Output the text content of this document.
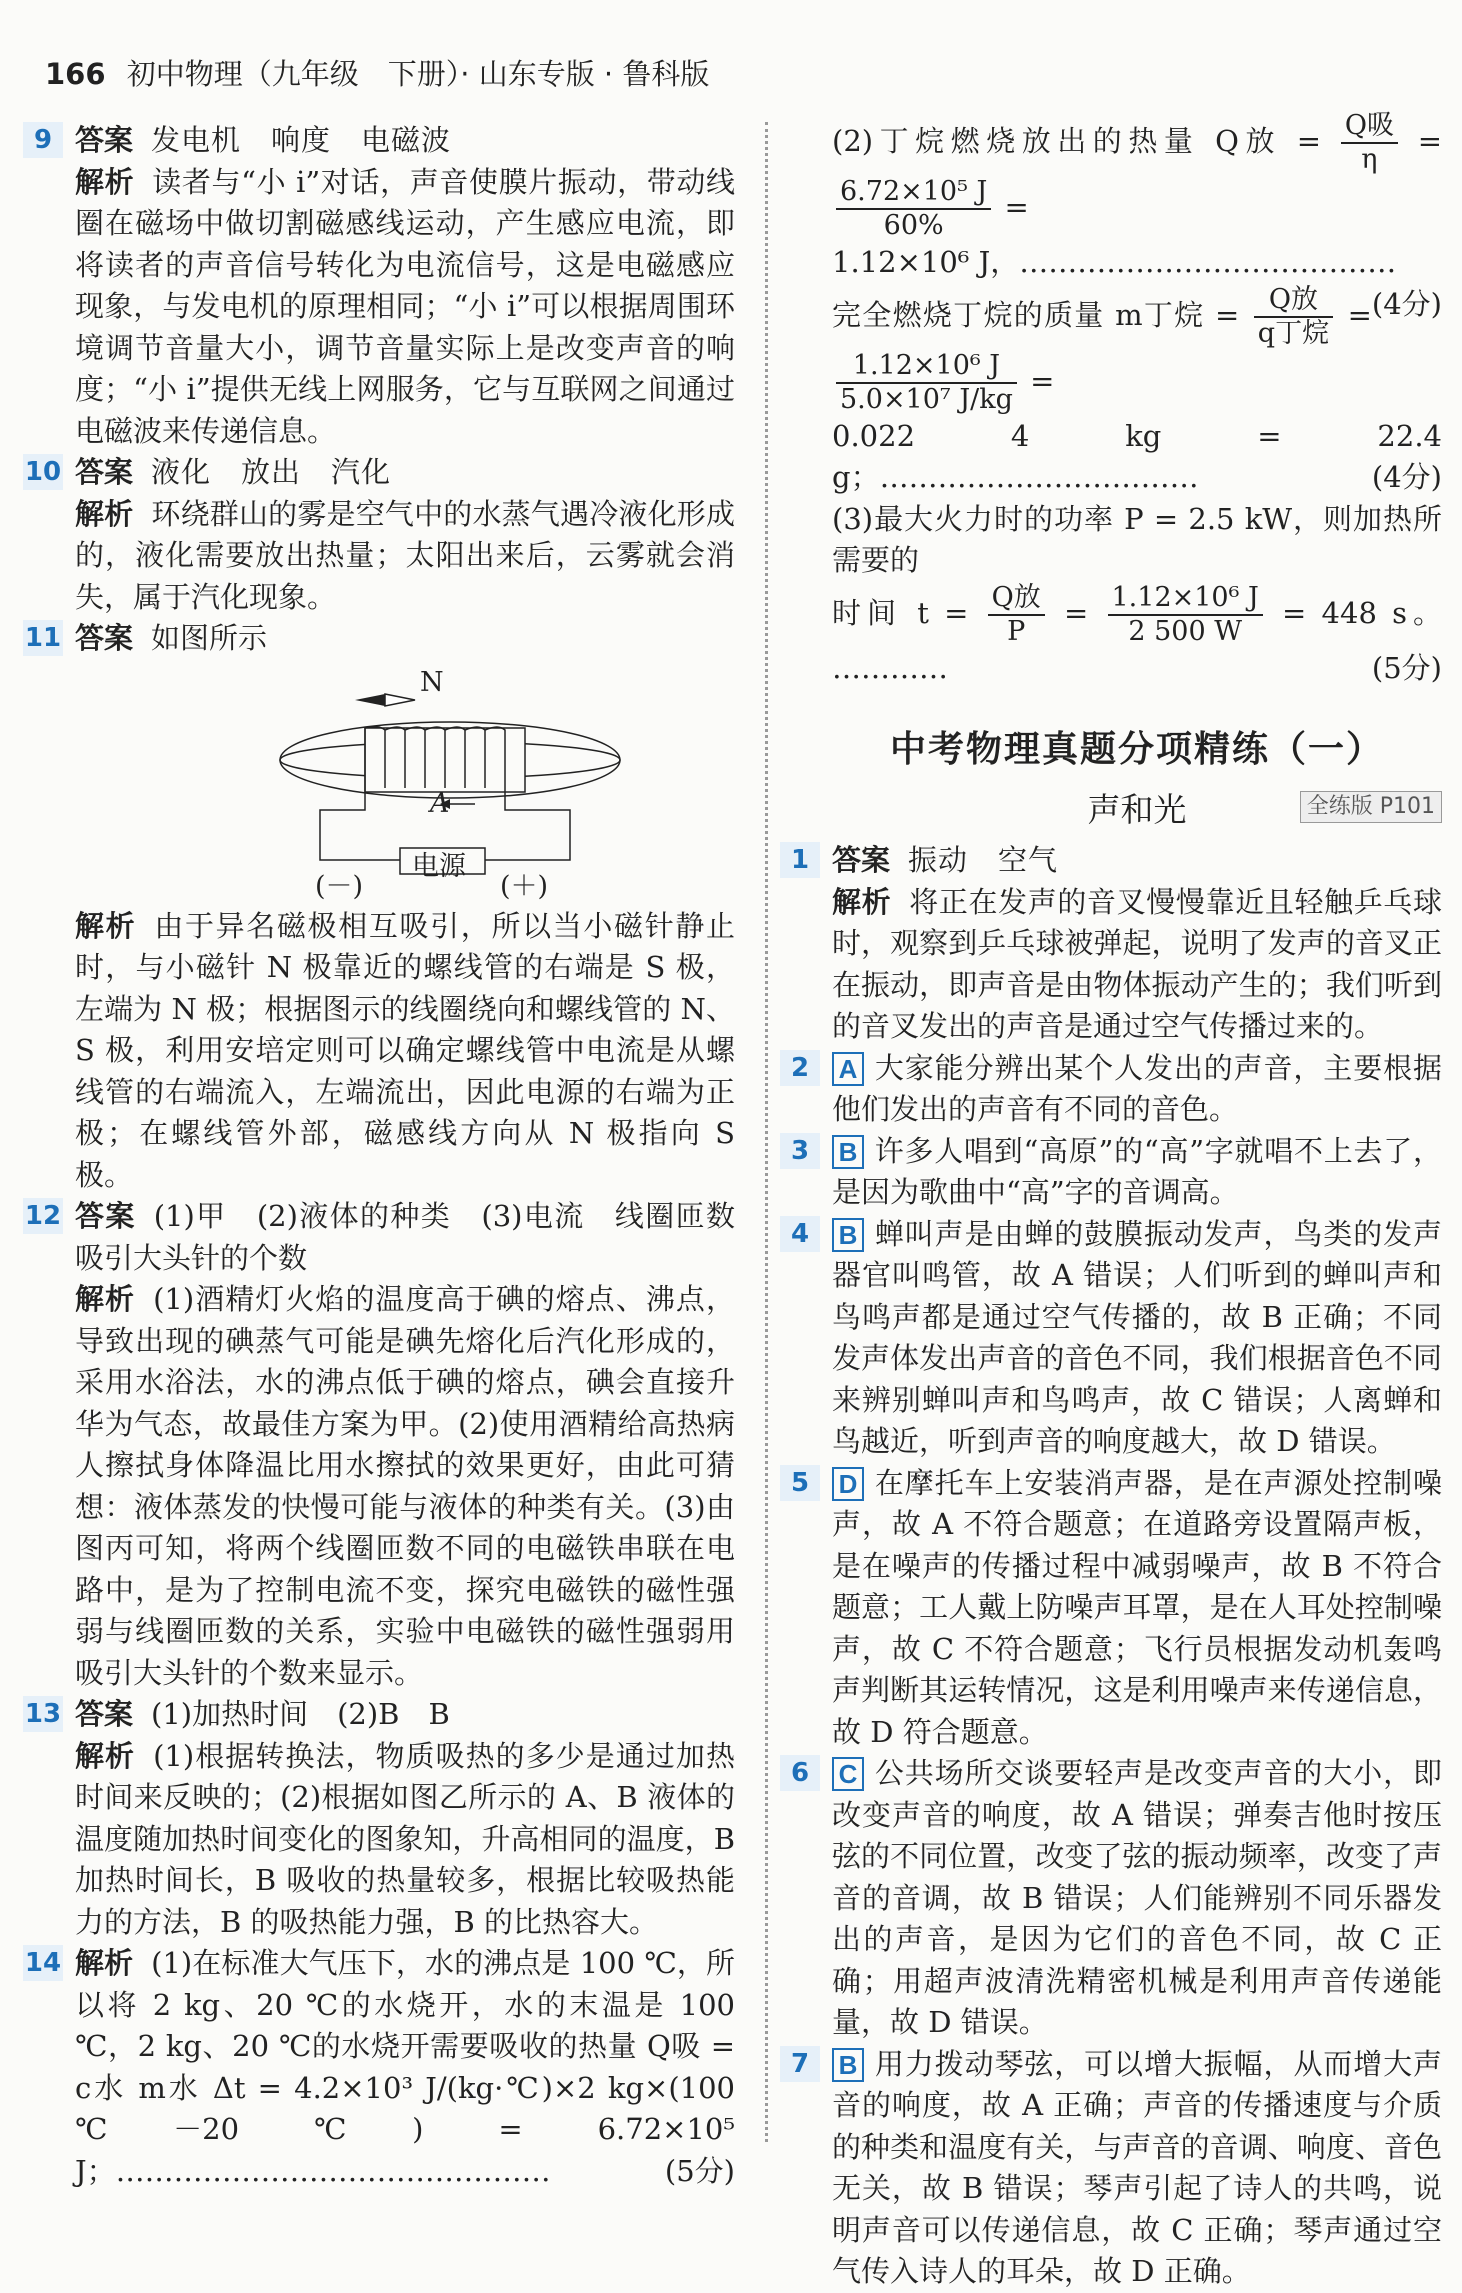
166 初中物理（九年级　下册）· 山东专版 · 鲁科版
9 答案 发电机　响度　电磁波

解析 读者与“小 i”对话，声音使膜片振动，带动线圈在磁场中做切割磁感线运动，产生感应电流，即将读者的声音信号转化为电流信号，这是电磁感应现象，与发电机的原理相同；“小 i”可以根据周围环境调节音量大小，调节音量实际上是改变声音的响度；“小 i”提供无线上网服务，它与互联网之间通过电磁波来传递信息。

10 答案 液化　放出　汽化

解析 环绕群山的雾是空气中的水蒸气遇冷液化形成的，液化需要放出热量；太阳出来后，云雾就会消失，属于汽化现象。

11 答案 如图所示

N
A
电源
(－)	(＋)

解析 由于异名磁极相互吸引，所以当小磁针静止时，与小磁针 N 极靠近的螺线管的右端是 S 极，左端为 N 极；根据图示的线圈绕向和螺线管的 N、S 极，利用安培定则可以确定螺线管中电流是从螺线管的右端流入，左端流出，因此电源的右端为正极；在螺线管外部，磁感线方向从 N 极指向 S 极。

12 答案 (1)甲　(2)液体的种类　(3)电流　线圈匝数　吸引大头针的个数

解析 (1)酒精灯火焰的温度高于碘的熔点、沸点，导致出现的碘蒸气可能是碘先熔化后汽化形成的，采用水浴法，水的沸点低于碘的熔点，碘会直接升华为气态，故最佳方案为甲。(2)使用酒精给高热病人擦拭身体降温比用水擦拭的效果更好，由此可猜想：液体蒸发的快慢可能与液体的种类有关。(3)由图丙可知，将两个线圈匝数不同的电磁铁串联在电路中，是为了控制电流不变，探究电磁铁的磁性强弱与线圈匝数的关系，实验中电磁铁的磁性强弱用吸引大头针的个数来显示。

13 答案 (1)加热时间　(2)B　B

解析 (1)根据转换法，物质吸热的多少是通过加热时间来反映的；(2)根据如图乙所示的 A、B 液体的温度随加热时间变化的图象知，升高相同的温度，B 加热时间长，B 吸收的热量较多，根据比较吸热能力的方法，B 的吸热能力强，B 的比热容大。

14 解析 (1)在标准大气压下，水的沸点是 100 ℃，所以将 2 kg、20 ℃的水烧开，水的末温是 100 ℃，2 kg、20 ℃的水烧开需要吸收的热量 Q吸 = c水 m水 Δt = 4.2×10³ J/(kg·℃)×2 kg×(100 ℃－20 ℃) = 6.72×10⁵ J；………………………………………	(5分)

(2)丁烷燃烧放出的热量 Q放 = $\frac{\text{Q吸}}{\eta}$ =
$\frac{\text{6.72×10⁵ J}}{60\%}$ =

1.12×10⁶ J，…………………………………
(4分)

完全燃烧丁烷的质量 m丁烷 = $\frac{\text{Q放}}{\text{q丁烷}}$ =
$\frac{\text{1.12×10⁶ J}}{\text{5.0×10⁷ J/kg}}$ =

0.022 4 kg = 22.4 g；……………………………	(4分)

(3)最大火力时的功率 P = 2.5 kW，则加热所需要的

时间 $t = \frac{\text{Q放}}{P} = \frac{\text{1.12×10⁶ J}}{2 500 W} = 448$ s。 …………	(5分)

中考物理真题分项精练（一）
声和光	全练版 P101
1 答案 振动　空气

解析 将正在发声的音叉慢慢靠近且轻触乒乓球时，观察到乒乓球被弹起，说明了发声的音叉正在振动，即声音是由物体振动产生的；我们听到的音叉发出的声音是通过空气传播过来的。

2	A 大家能分辨出某个人发出的声音，主要根据他们发出的声音有不同的音色。

3	B 许多人唱到“高原”的“高”字就唱不上去了，是因为歌曲中“高”字的音调高。

4	B 蝉叫声是由蝉的鼓膜振动发声，鸟类的发声器官叫鸣管，故 A 错误；人们听到的蝉叫声和鸟鸣声都是通过空气传播的，故 B 正确；不同发声体发出声音的音色不同，我们根据音色不同来辨别蝉叫声和鸟鸣声，故 C 错误；人离蝉和鸟越近，听到声音的响度越大，故 D 错误。

5	D 在摩托车上安装消声器，是在声源处控制噪声，故 A 不符合题意；在道路旁设置隔声板，是在噪声的传播过程中减弱噪声，故 B 不符合题意；工人戴上防噪声耳罩，是在人耳处控制噪声，故 C 不符合题意；飞行员根据发动机轰鸣声判断其运转情况，这是利用噪声来传递信息，故 D 符合题意。

6	C 公共场所交谈要轻声是改变声音的大小，即改变声音的响度，故 A 错误；弹奏吉他时按压弦的不同位置，改变了弦的振动频率，改变了声音的音调，故 B 错误；人们能辨别不同乐器发出的声音，是因为它们的音色不同，故 C 正确；用超声波清洗精密机械是利用声音传递能量，故 D 错误。

7	B 用力拨动琴弦，可以增大振幅，从而增大声音的响度，故 A 正确；声音的传播速度与介质的种类和温度有关，与声音的音调、响度、音色无关，故 B 错误；琴声引起了诗人的共鸣，说明声音可以传递信息，故 C 正确；琴声通过空气传入诗人的耳朵，故 D 正确。
